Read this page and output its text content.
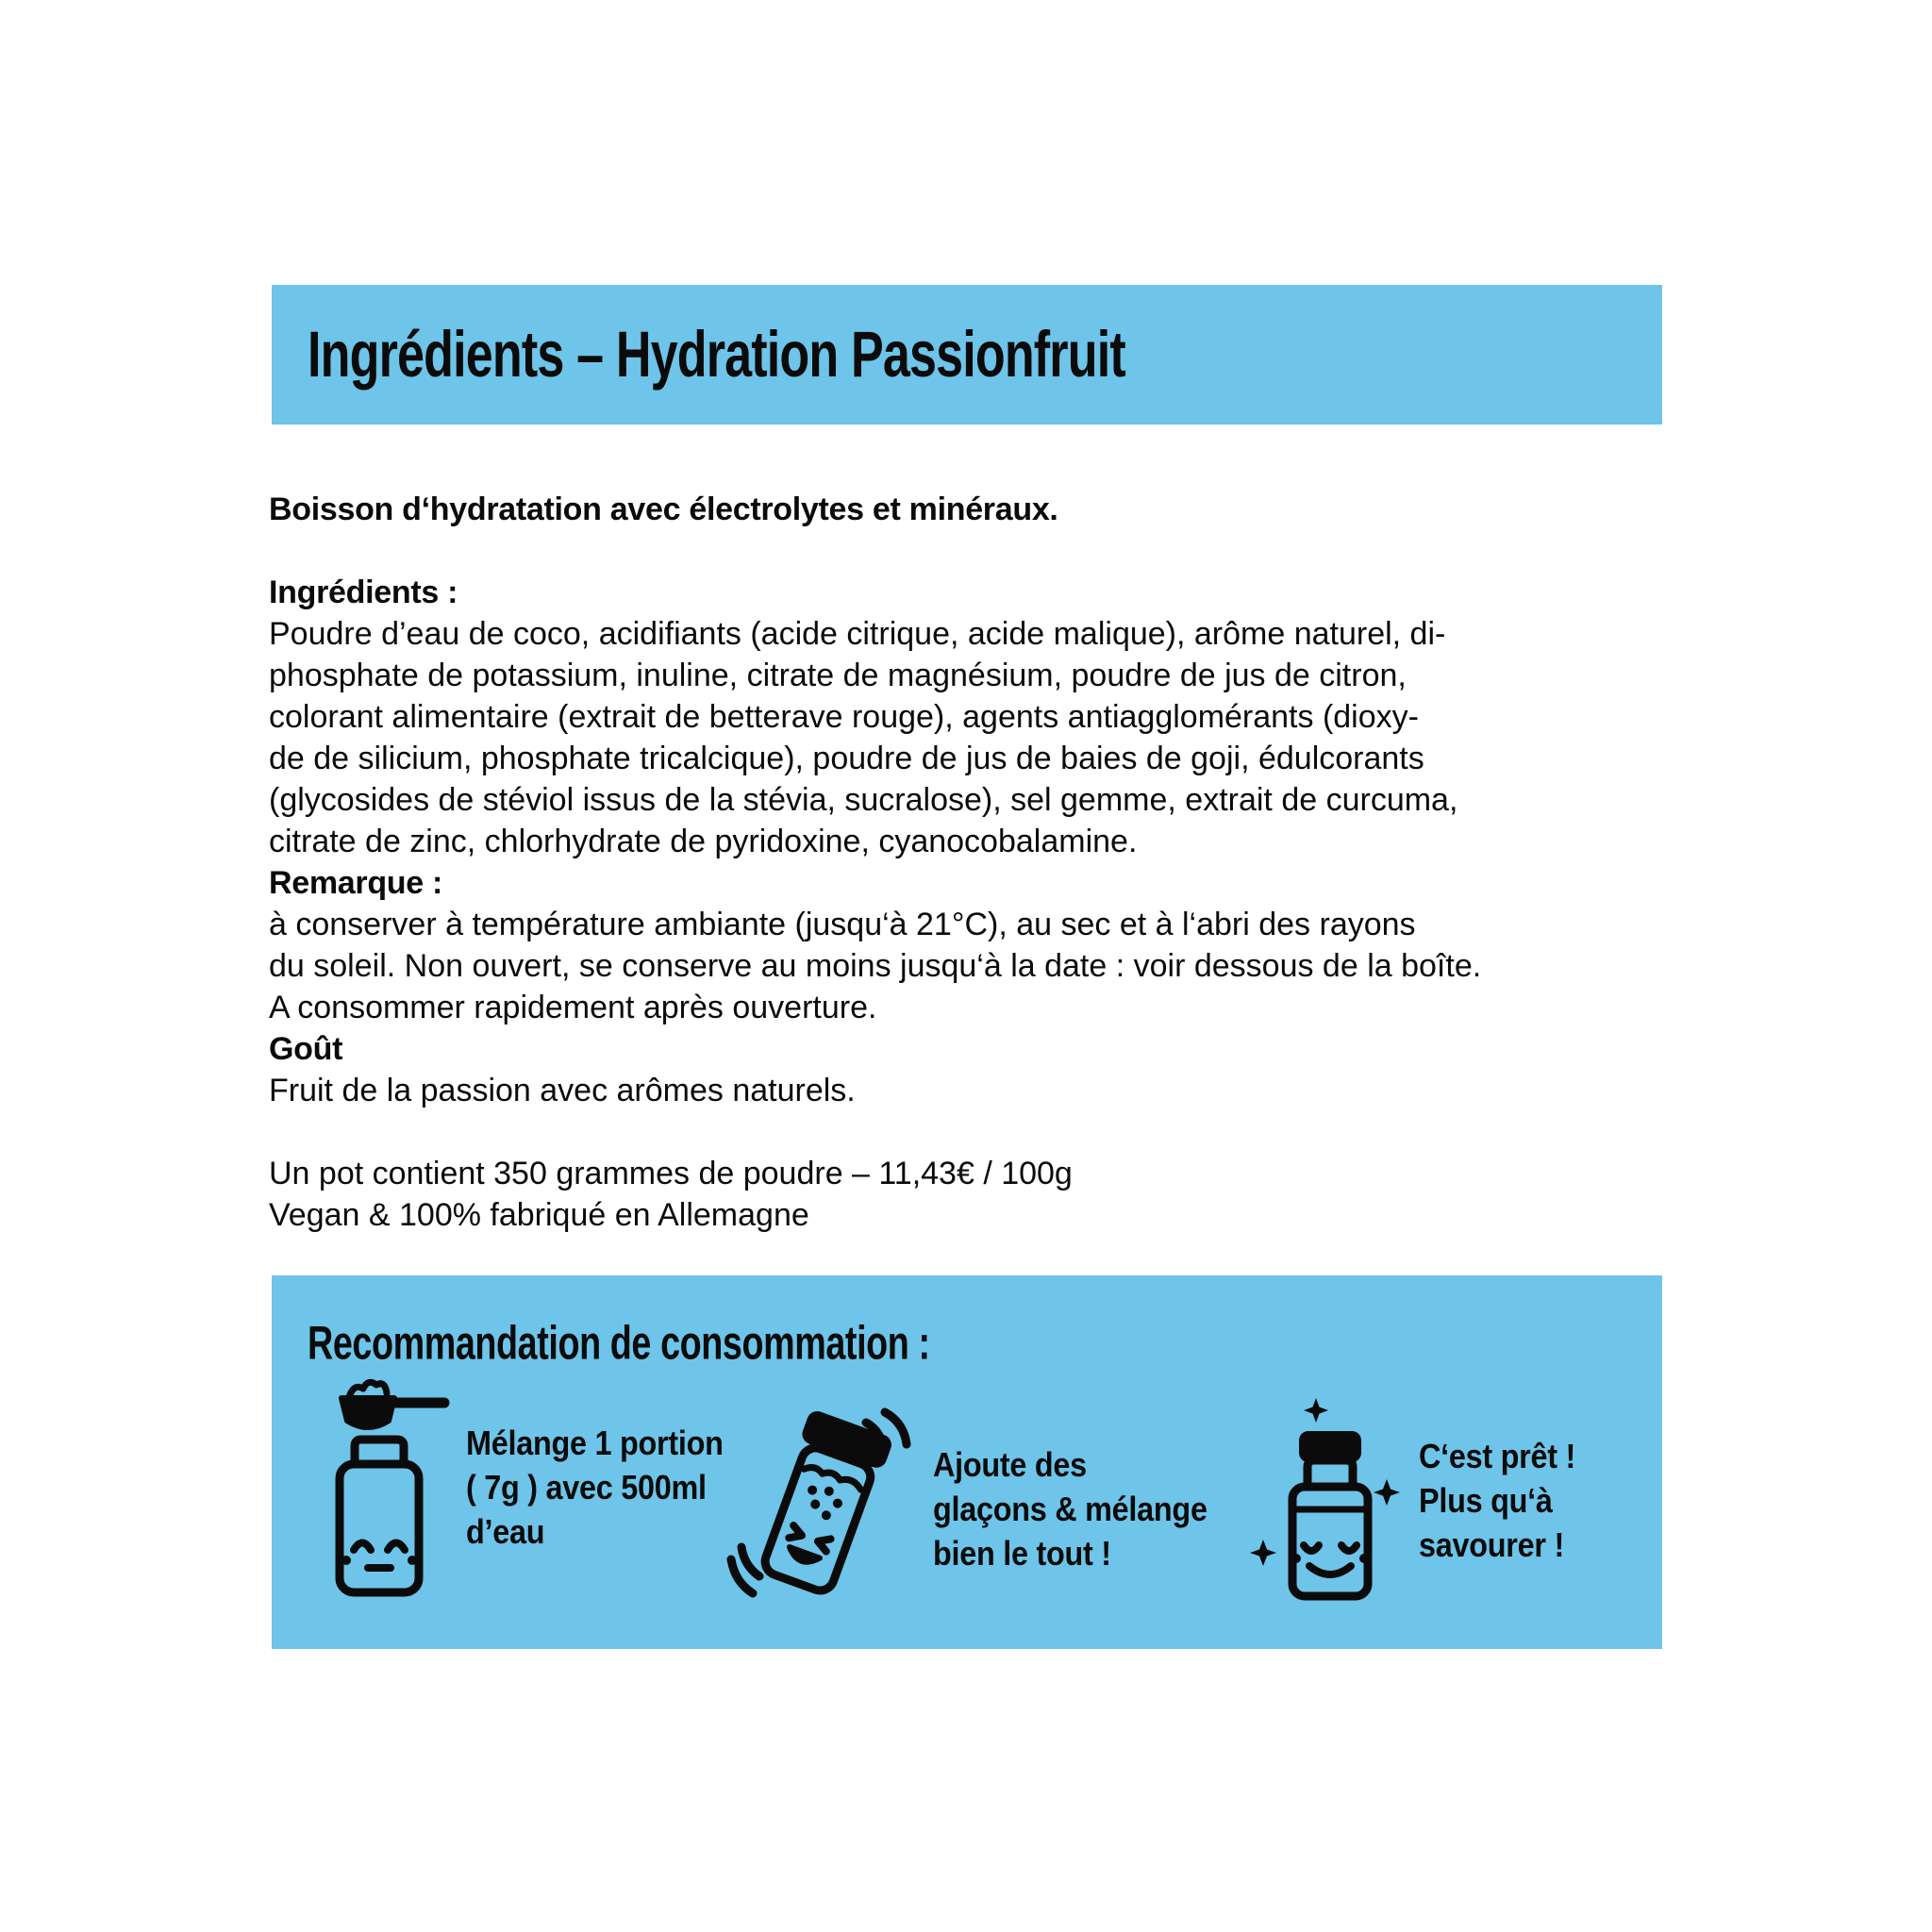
Ingrédients – Hydration Passionfruit
Boisson d‘hydratation avec électrolytes et minéraux.
Ingrédients :
Poudre d’eau de coco, acidifiants (acide citrique, acide malique), arôme naturel, di-
phosphate de potassium, inuline, citrate de magnésium, poudre de jus de citron,
colorant alimentaire (extrait de betterave rouge), agents antiagglomérants (dioxy-
de de silicium, phosphate tricalcique), poudre de jus de baies de goji, édulcorants
(glycosides de stéviol issus de la stévia, sucralose), sel gemme, extrait de curcuma,
citrate de zinc, chlorhydrate de pyridoxine, cyanocobalamine.
Remarque :
à conserver à température ambiante (jusqu‘à 21°C), au sec et à l‘abri des rayons
du soleil. Non ouvert, se conserve au moins jusqu‘à la date : voir dessous de la boîte.
A consommer rapidement après ouverture.
Goût
Fruit de la passion avec arômes naturels.
Un pot contient 350 grammes de poudre – 11,43€ / 100g
Vegan & 100% fabriqué en Allemagne
Recommandation de consommation :
Mélange 1 portion
( 7g ) avec 500ml
d’eau
Ajoute des
glaçons & mélange
bien le tout !
C‘est prêt !
Plus qu‘à
savourer !
